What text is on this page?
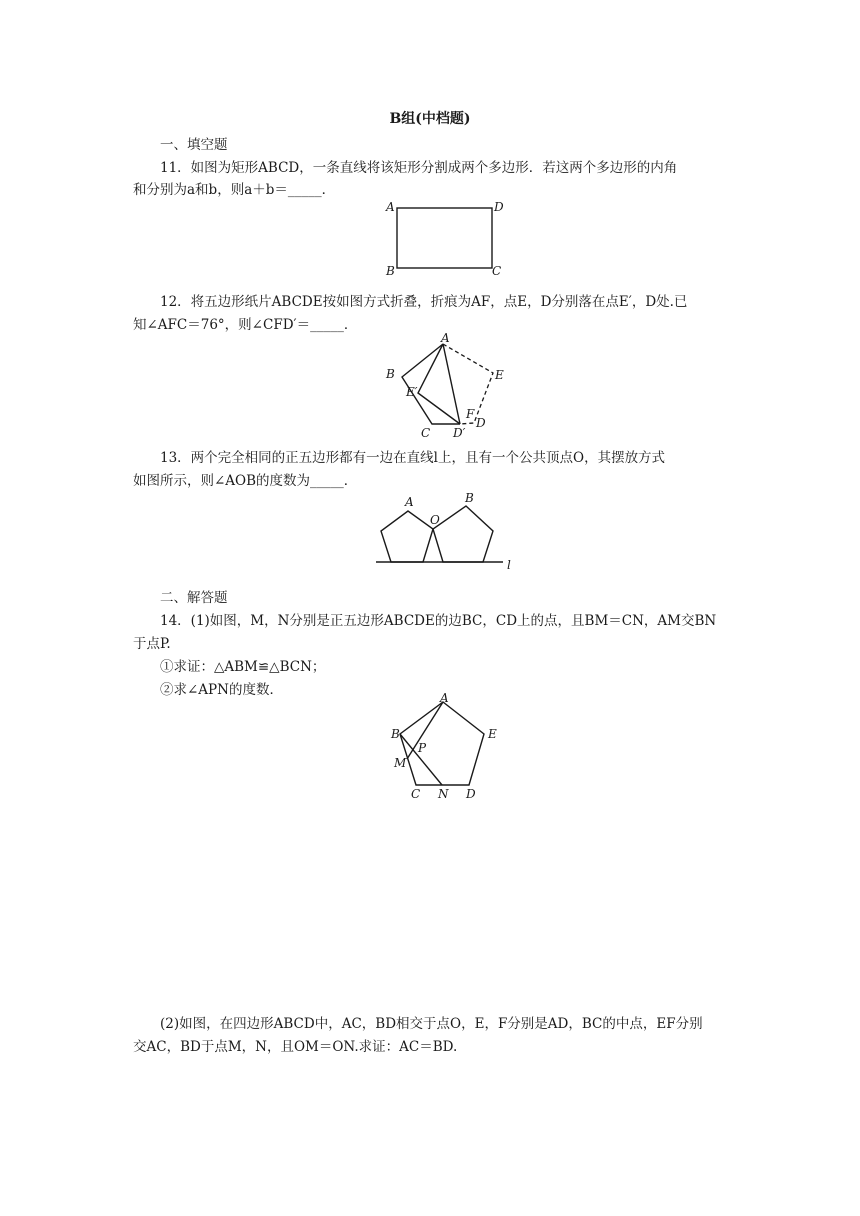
B组(中档题)
一、填空题
11．如图为矩形ABCD，一条直线将该矩形分割成两个多边形．若这两个多边形的内角
和分别为a和b，则a＋b＝_____．
A	D
B	C
12．将五边形纸片ABCDE按如图方式折叠，折痕为AF，点E，D分别落在点E′，D处.已
知∠AFC＝76°，则∠CFD′＝_____．
A
B	E
E′
F
D
C D′
13．两个完全相同的正五边形都有一边在直线l上，且有一个公共顶点O，其摆放方式
如图所示，则∠AOB的度数为_____．
A	B
O
l
二、解答题
14．(1)如图，M，N分别是正五边形ABCDE的边BC，CD上的点，且BM＝CN，AM交BN
于点P.
①求证：△ABM≌△BCN；
②求∠APN的度数．	A
B	E
P
M
C N D
(2)如图，在四边形ABCD中，AC，BD相交于点O，E，F分别是AD，BC的中点，EF分别
交AC，BD于点M，N，且OM＝ON.求证：AC＝BD.
